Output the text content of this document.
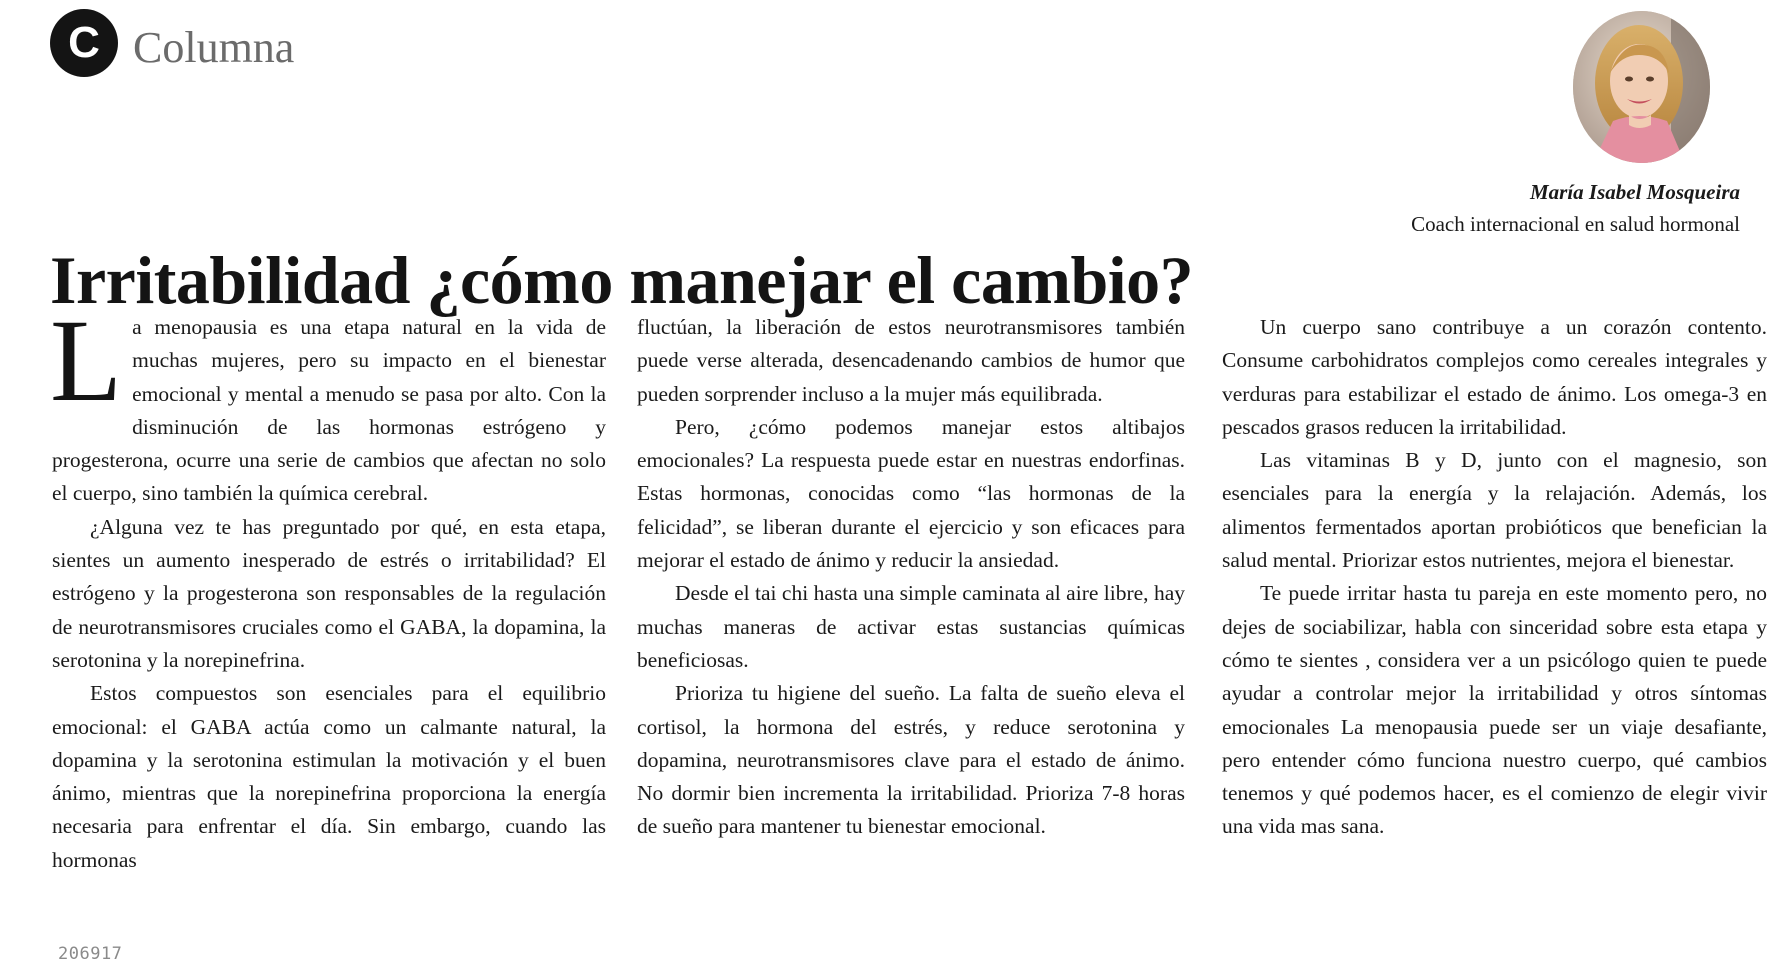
C Columna
María Isabel Mosqueira
Coach internacional en salud hormonal
Irritabilidad ¿cómo manejar el cambio?

La menopausia es una etapa natural en la vida de muchas mujeres, pero su impacto en el bienestar emocional y mental a menudo se pasa por alto. Con la disminución de las hormonas estrógeno y progesterona, ocurre una serie de cambios que afectan no solo el cuerpo, sino también la química cerebral.

¿Alguna vez te has preguntado por qué, en esta etapa, sientes un aumento inesperado de estrés o irritabilidad? El estrógeno y la progesterona son responsables de la regulación de neurotransmisores cruciales como el GABA, la dopamina, la serotonina y la norepinefrina.

Estos compuestos son esenciales para el equilibrio emocional: el GABA actúa como un calmante natural, la dopamina y la serotonina estimulan la motivación y el buen ánimo, mientras que la norepinefrina proporciona la energía necesaria para enfrentar el día. Sin embargo, cuando las hormonas

fluctúan, la liberación de estos neurotransmisores también puede verse alterada, desencadenando cambios de humor que pueden sorprender incluso a la mujer más equilibrada.

Pero, ¿cómo podemos manejar estos altibajos emocionales? La respuesta puede estar en nuestras endorfinas. Estas hormonas, conocidas como “las hormonas de la felicidad”, se liberan durante el ejercicio y son eficaces para mejorar el estado de ánimo y reducir la ansiedad.

Desde el tai chi hasta una simple caminata al aire libre, hay muchas maneras de activar estas sustancias químicas beneficiosas.

Prioriza tu higiene del sueño. La falta de sueño eleva el cortisol, la hormona del estrés, y reduce serotonina y dopamina, neurotransmisores clave para el estado de ánimo. No dormir bien incrementa la irritabilidad. Prioriza 7-8 horas de sueño para mantener tu bienestar emocional.

Un cuerpo sano contribuye a un corazón contento. Consume carbohidratos complejos como cereales integrales y verduras para estabilizar el estado de ánimo. Los omega-3 en pescados grasos reducen la irritabilidad.

Las vitaminas B y D, junto con el magnesio, son esenciales para la energía y la relajación. Además, los alimentos fermentados aportan probióticos que benefician la salud mental. Priorizar estos nutrientes, mejora el bienestar.

Te puede irritar hasta tu pareja en este momento pero, no dejes de sociabilizar, habla con sinceridad sobre esta etapa y cómo te sientes , considera ver a un psicólogo quien te puede ayudar a controlar mejor la irritabilidad y otros síntomas emocionales La menopausia puede ser un viaje desafiante, pero entender cómo funciona nuestro cuerpo, qué cambios tenemos y qué podemos hacer, es el comienzo de elegir vivir una vida mas sana.

206917
